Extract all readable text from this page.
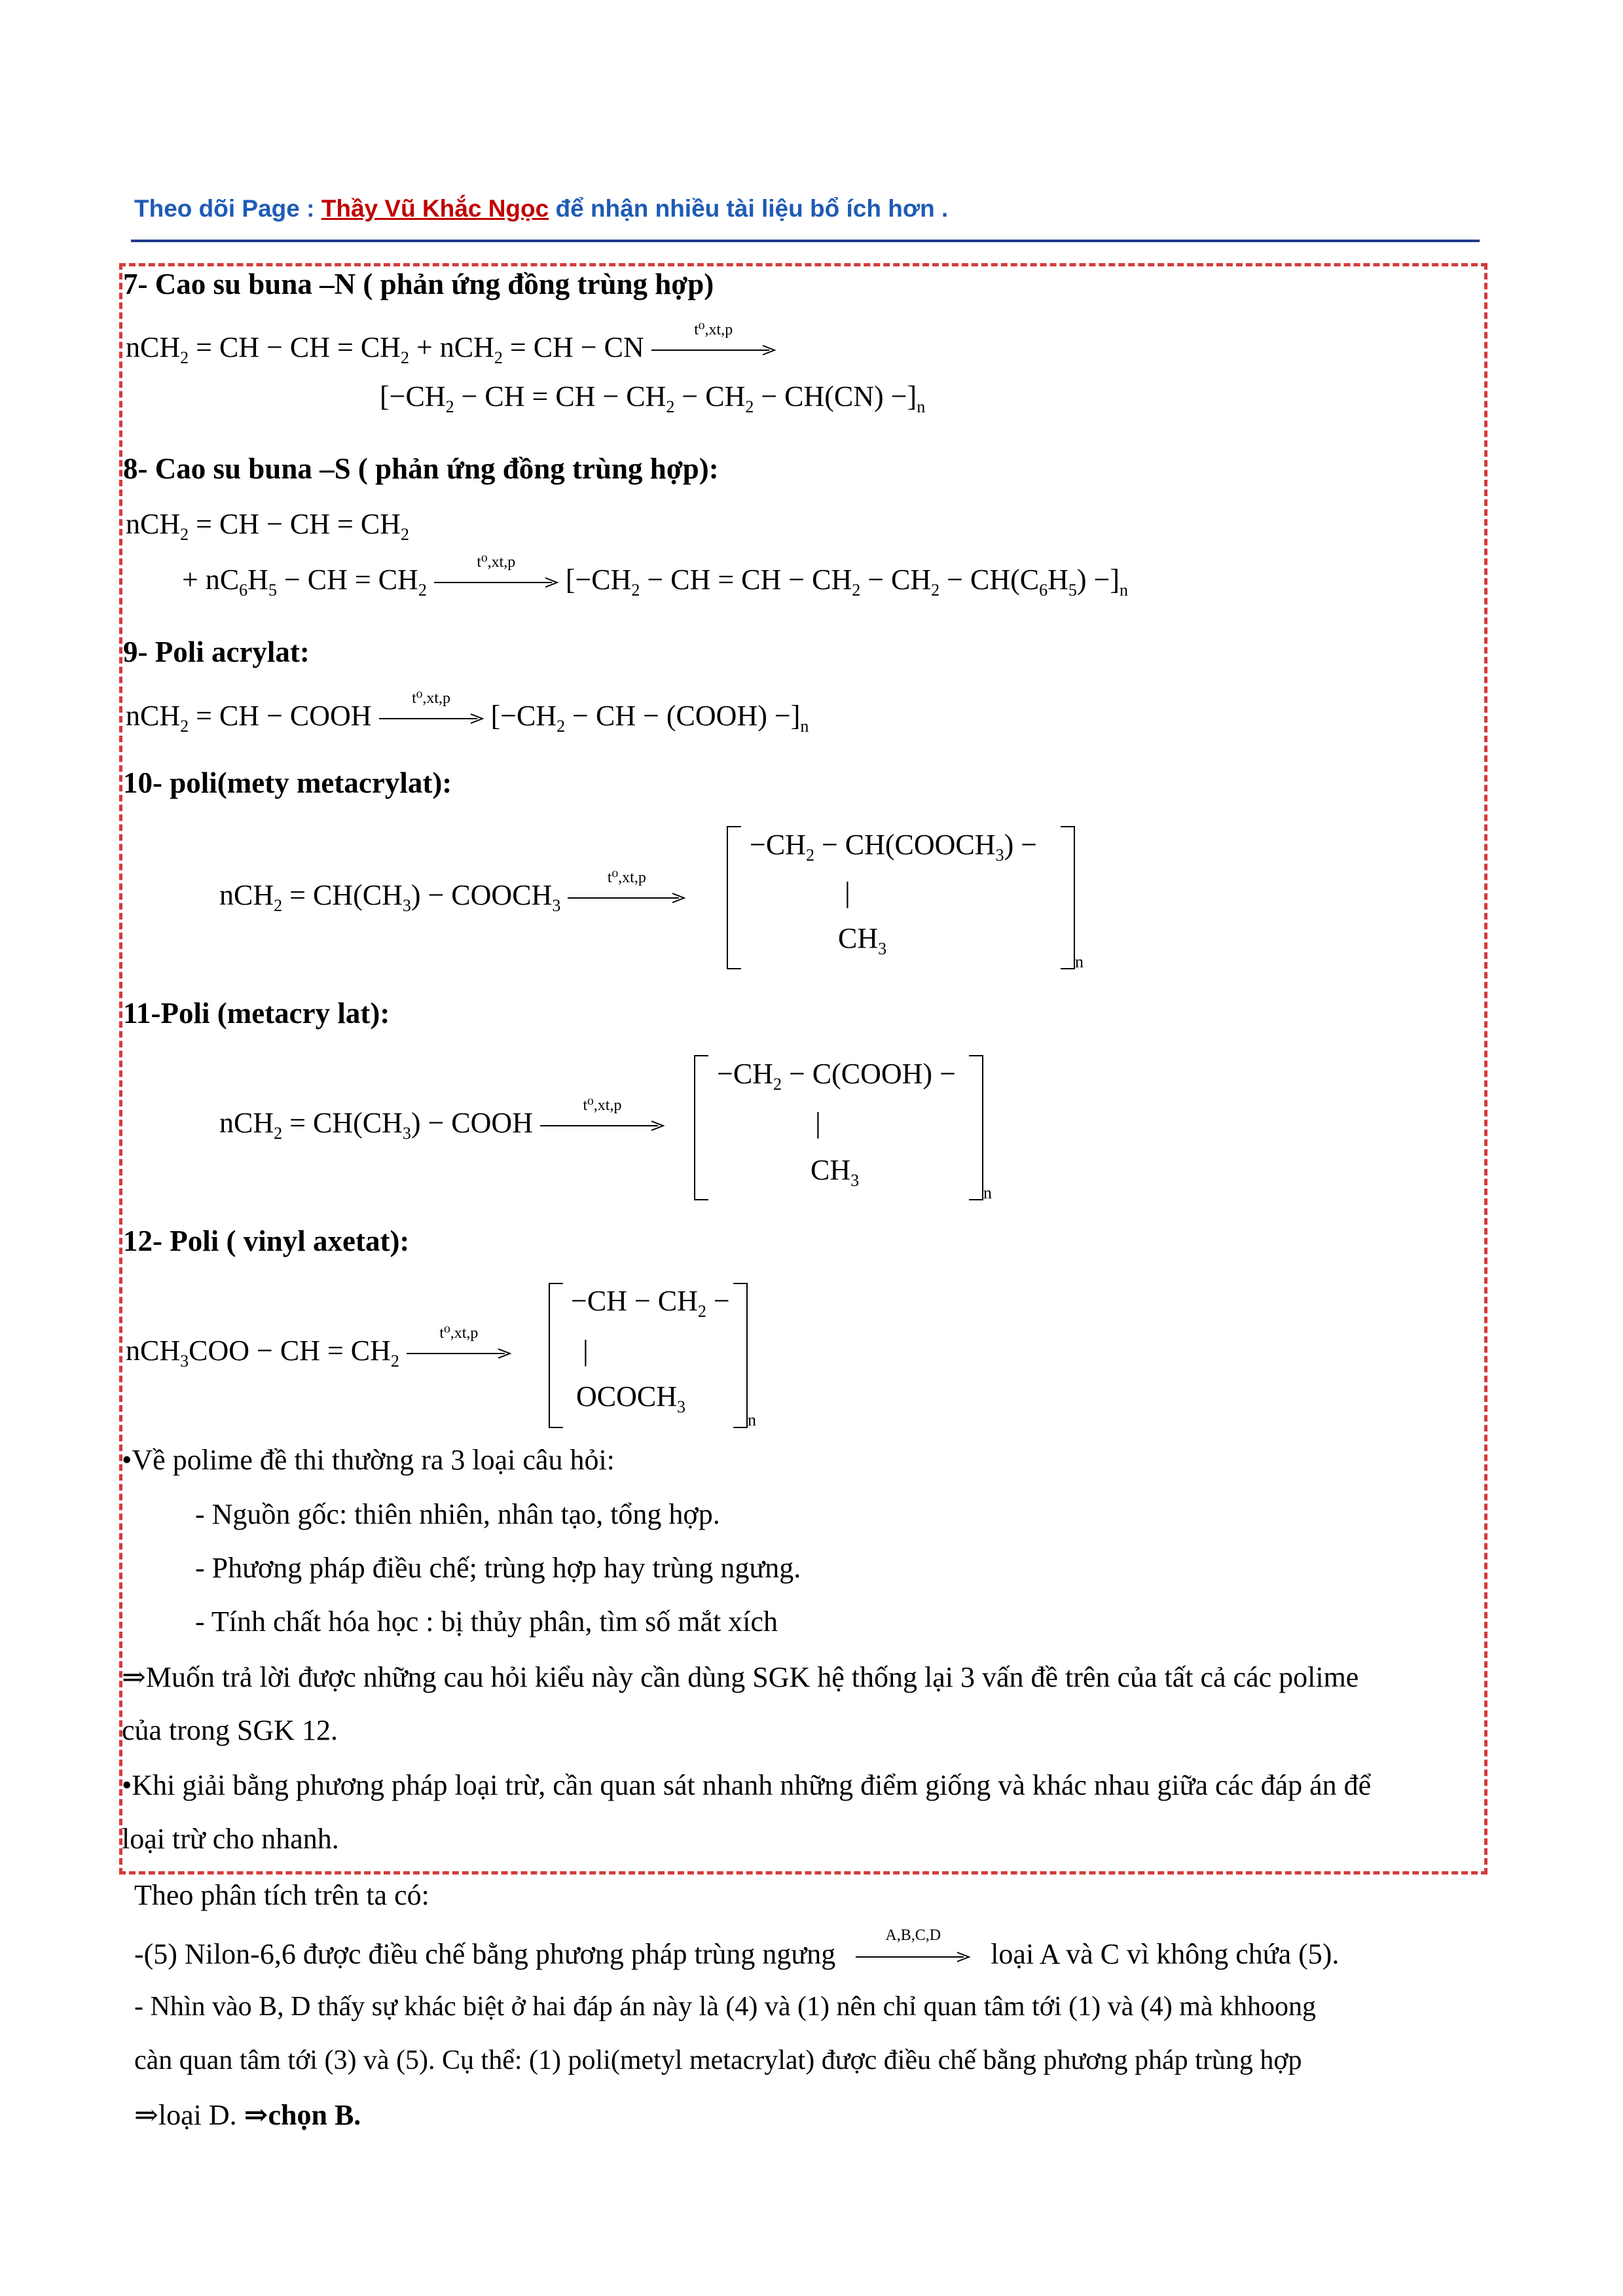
Theo dõi Page : Thầy Vũ Khắc Ngọc để nhận nhiều tài liệu bổ ích hơn .
7- Cao su buna –N ( phản ứng đồng trùng hợp)
nCH$_2$ = CH − CH = $CH_2 + nCH_2$ = CH − CN
t⁰,xt,p
[$-CH_2$ − CH = CH − $CH_2 - CH_2 - CH(CN) -]_n$
8- Cao su buna –S ( phản ứng đồng trùng hợp):
nCH$_2$ = CH − CH = $CH_2$
+ $nC_6H_5$ − CH = $CH_2$
t⁰,xt,p
[$-CH_2$ − CH = CH − $CH_2 - CH_2 - CH(C_6H_5) -]_n$
9- Poli acrylat:
nCH$_2$ = CH − COOH
t⁰,xt,p
[$-CH_2$ − CH − (COOH) $-]_n$
10- poli(mety metacrylat):
$nCH_2 = CH(CH_3)$ − $COOCH_3$
t⁰,xt,p
$-CH_2$ − $CH(COOCH_3)$ −
|
$CH_3$
n
11-Poli (metacry lat):
$nCH_2 = CH(CH_3)$ − COOH
t⁰,xt,p
$-CH_2$ − C(COOH) −
|
$CH_3$
n
12- Poli ( vinyl axetat):
nCH$_3$COO − CH = $CH_2$
t⁰,xt,p
$-CH - CH_2$ −
|
$OCOCH_3$
n
•Về polime đề thi thường ra 3 loại câu hỏi:
- Nguồn gốc: thiên nhiên, nhân tạo, tổng hợp.
- Phương pháp điều chế; trùng hợp hay trùng ngưng.
- Tính chất hóa học : bị thủy phân, tìm số mắt xích
⇒Muốn trả lời được những cau hỏi kiểu này cần dùng SGK hệ thống lại 3 vấn đề trên của tất cả các polime
của trong SGK 12.
•Khi giải bằng phương pháp loại trừ, cần quan sát nhanh những điểm giống và khác nhau giữa các đáp án để
loại trừ cho nhanh.
Theo phân tích trên ta có:
-(5) Nilon-6,6 được điều chế bằng phương pháp trùng ngưng
A,B,C,D
loại A và C vì không chứa (5).
- Nhìn vào B, D thấy sự khác biệt ở hai đáp án này là (4) và (1) nên chỉ quan tâm tới (1) và (4) mà khhoong
càn quan tâm tới (3) và (5). Cụ thể: (1) poli(metyl metacrylat) được điều chế bằng phương pháp trùng hợp
⇒loại D. ⇒chọn B.
